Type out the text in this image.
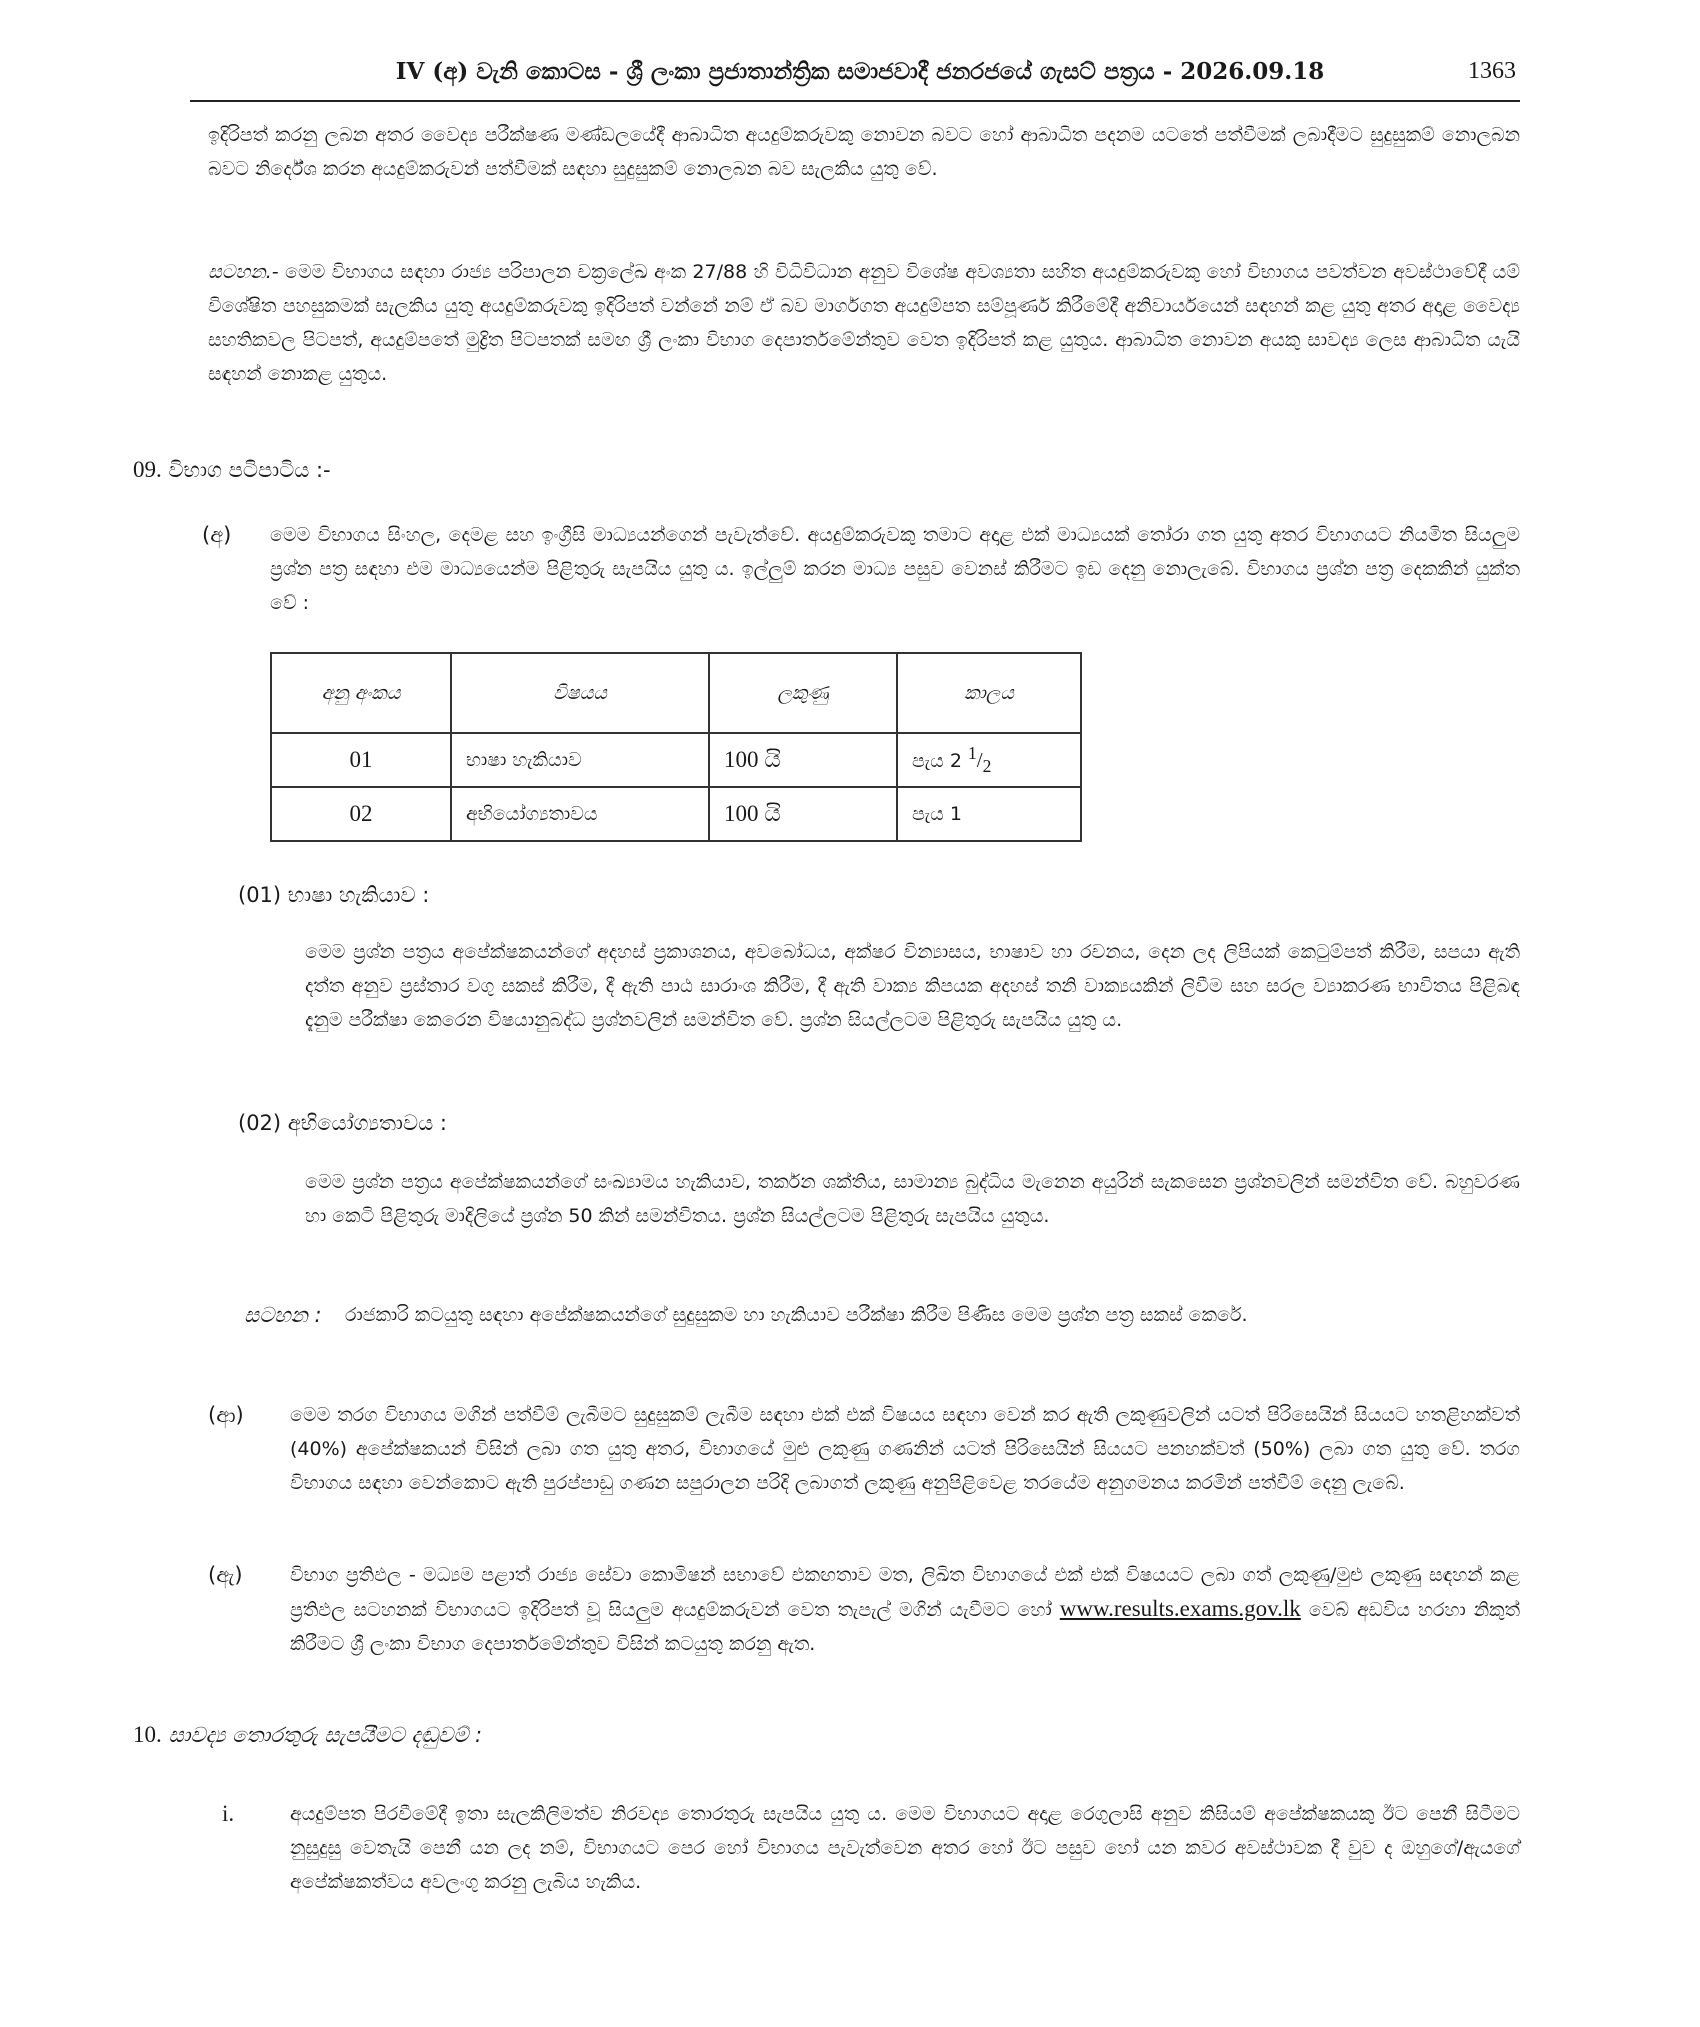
IV (අ) වැනි කොටස - ශ්‍රී ලංකා ප්‍රජාතාන්ත්‍රික සමාජවාදී ජනරජයේ ගැසට් පත්‍රය - 2026.09.18	1363

ඉදිරිපත් කරනු ලබන අතර වෛද්‍ය පරීක්ෂණ මණ්ඩලයේදී ආබාධිත අයදුම්කරුවකු නොවන බවට හෝ ආබාධිත පදනම යටතේ පත්වීමක් ලබාදීමට සුදුසුකම් නොලබන බවට නිර්දේශ කරන අයදුම්කරුවන් පත්වීමක් සඳහා සුදුසුකම් නොලබන බව සැලකිය යුතු වේ.

සටහන.- මෙම විභාගය සඳහා රාජ්‍ය පරිපාලන චක්‍රලේඛ අංක 27/88 හි විධිවිධාන අනුව විශේෂ අවශ්‍යතා සහිත අයදුම්කරුවකු හෝ විභාගය පවත්වන අවස්ථාවේදී යම් විශේෂිත පහසුකමක් සැලකිය යුතු අයදුම්කරුවකු ඉදිරිපත් වන්නේ නම් ඒ බව මාර්ගගත අයදුම්පත සම්පූර්ණ කිරීමේදී අනිවාර්යයෙන් සඳහන් කළ යුතු අතර අදාළ වෛද්‍ය සහතිකවල පිටපත්, අයදුම්පතේ මුද්‍රිත පිටපතක් සමඟ ශ්‍රී ලංකා විභාග දෙපාර්තමේන්තුව වෙත ඉදිරිපත් කළ යුතුය. ආබාධිත නොවන අයකු සාවද්‍ය ලෙස ආබාධිත යැයි සඳහන් නොකළ යුතුය.
09. විභාග පටිපාටිය :-
(අ) මෙම විභාගය සිංහල, දෙමළ සහ ඉංග්‍රීසි මාධ්‍යයන්ගෙන් පැවැත්වේ. අයදුම්කරුවකු තමාට අදාළ එක් මාධ්‍යයක් තෝරා ගත යුතු අතර විභාගයට නියමිත සියලුම ප්‍රශ්න පත්‍ර සඳහා එම මාධ්‍යයෙන්ම පිළිතුරු සැපයිය යුතු ය. ඉල්ලුම් කරන මාධ්‍ය පසුව වෙනස් කිරීමට ඉඩ දෙනු නොලැබේ. විභාගය ප්‍රශ්න පත්‍ර දෙකකින් යුක්ත වේ :

අනු අංකය	විෂයය	ලකුණු	කාලය
01	භාෂා හැකියාව	100 යි	පැය 2 $^1/_2$
02	අභියෝග්‍යතාවය	100 යි	පැය 1
(01) භාෂා හැකියාව :

මෙම ප්‍රශ්න පත්‍රය අපේක්ෂකයන්ගේ අදහස් ප්‍රකාශනය, අවබෝධය, අක්ෂර වින්‍යාසය, භාෂාව හා රචනය, දෙන ලද ලිපියක් කෙටුම්පත් කිරීම, සපයා ඇති දත්ත අනුව ප්‍රස්තාර වගු සකස් කිරීම, දී ඇති පාඨ සාරාංශ කිරීම, දී ඇති වාක්‍ය කිපයක අදහස් තනි වාක්‍යයකින් ලිවීම සහ සරල ව්‍යාකරණ භාවිතය පිළිබඳ දැනුම පරීක්ෂා කෙරෙන විෂයානුබද්ධ ප්‍රශ්නවලින් සමන්විත වේ. ප්‍රශ්න සියල්ලටම පිළිතුරු සැපයිය යුතු ය.

(02) අභියෝග්‍යතාවය :

මෙම ප්‍රශ්න පත්‍රය අපේක්ෂකයන්ගේ සංඛ්‍යාමය හැකියාව, තර්කන ශක්තිය, සාමාන්‍ය බුද්ධිය මැනෙන අයුරින් සැකසෙන ප්‍රශ්නවලින් සමන්විත වේ. බහුවරණ හා කෙටි පිළිතුරු මාදිලියේ ප්‍රශ්න 50 කින් සමන්විතය. ප්‍රශ්න සියල්ලටම පිළිතුරු සැපයිය යුතුය.

සටහන : රාජකාරි කටයුතු සඳහා අපේක්ෂකයන්ගේ සුදුසුකම හා හැකියාව පරීක්ෂා කිරීම පිණිස මෙම ප්‍රශ්න පත්‍ර සකස් කෙරේ.

(ආ) මෙම තරග විභාගය මගින් පත්වීම් ලැබීමට සුදුසුකම් ලැබීම සඳහා එක් එක් විෂයය සඳහා වෙන් කර ඇති ලකුණුවලින් යටත් පිරිසෙයින් සියයට හතළිහක්වත් (40%) අපේක්ෂකයන් විසින් ලබා ගත යුතු අතර, විභාගයේ මුළු ලකුණු ගණනින් යටත් පිරිසෙයින් සියයට පනහක්වත් (50%) ලබා ගත යුතු වේ. තරග විභාගය සඳහා වෙන්කොට ඇති පුරප්පාඩු ගණන සපුරාලන පරිදි ලබාගත් ලකුණු අනුපිළිවෙළ තරයේම අනුගමනය කරමින් පත්වීම් දෙනු ලැබේ.

(ඇ) විභාග ප්‍රතිඵල - මධ්‍යම පළාත් රාජ්‍ය සේවා කොමිෂන් සභාවේ එකඟතාව මත, ලිඛිත විභාගයේ එක් එක් විෂයයට ලබා ගත් ලකුණු/මුළු ලකුණු සඳහන් කළ ප්‍රතිඵල සටහනක් විභාගයට ඉදිරිපත් වූ සියලුම අයදුම්කරුවන් වෙත තැපැල් මගින් යැවීමට හෝ www.results.exams.gov.lk වෙබ් අඩවිය හරහා නිකුත් කිරීමට ශ්‍රී ලංකා විභාග දෙපාර්තමේන්තුව විසින් කටයුතු කරනු ඇත.

10. සාවද්‍ය තොරතුරු සැපයීමට දඬුවම් :
i.	අයදුම්පත පිරවීමේදී ඉතා සැලකිලිමත්ව නිරවද්‍ය තොරතුරු සැපයිය යුතු ය. මෙම විභාගයට අදාළ රෙගුලාසි අනුව කිසියම් අපේක්ෂකයකු ඊට පෙනී සිටීමට නුසුදුසු වෙතැයි පෙනී යන ලද නම්, විභාගයට පෙර හෝ විභාගය පැවැත්වෙන අතර හෝ ඊට පසුව හෝ යන කවර අවස්ථාවක දී වුව ද ඔහුගේ/ඇයගේ අපේක්ෂකත්වය අවලංගු කරනු ලැබිය හැකිය.
